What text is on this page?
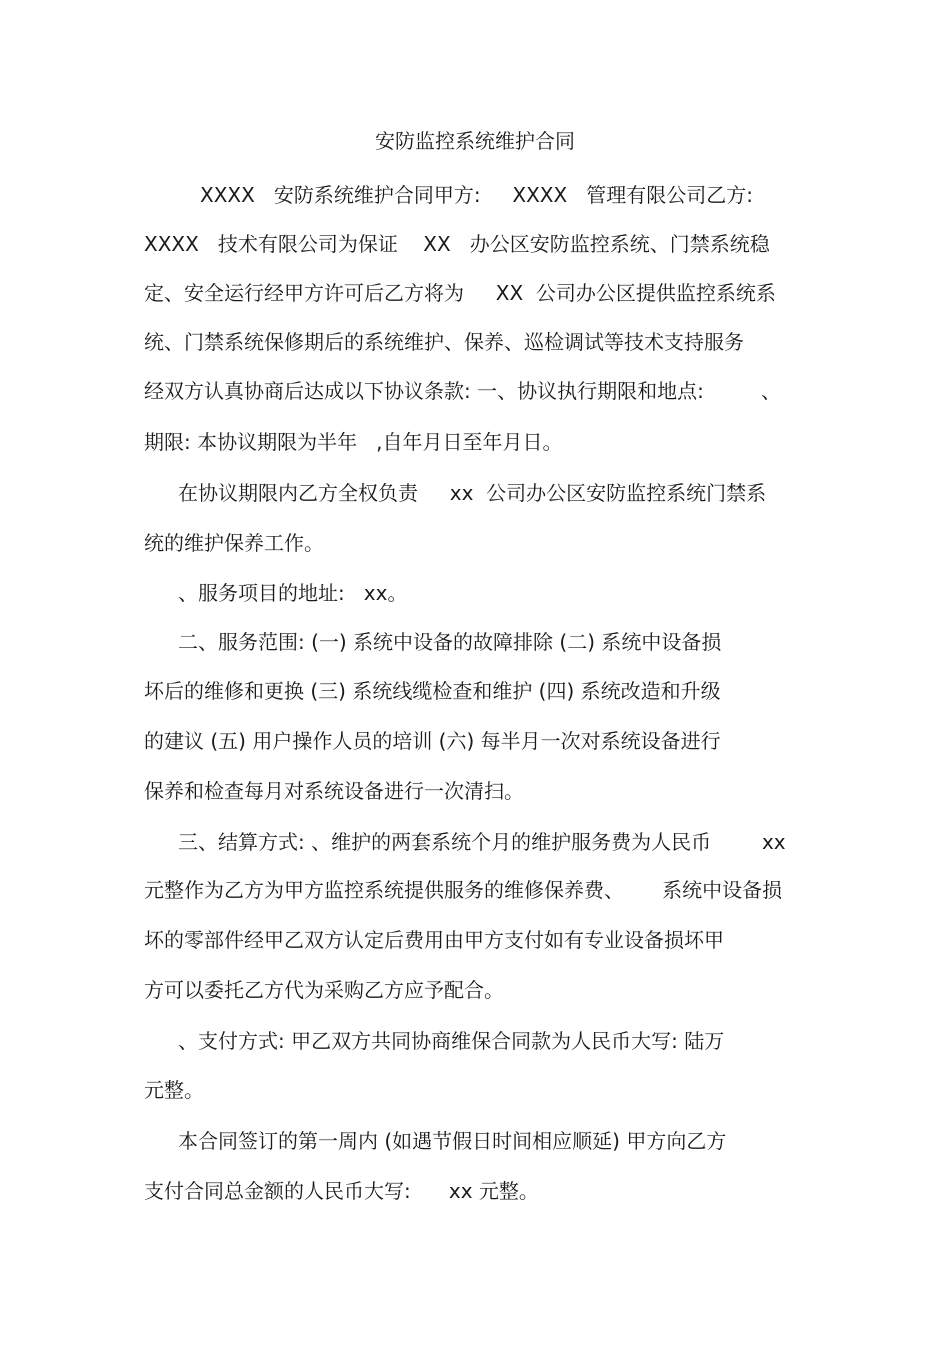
安防监控系统维护合同
XXXX   安防系统维护合同甲方:     XXXX   管理有限公司乙方:
XXXX   技术有限公司为保证    XX   办公区安防监控系统、门禁系统稳
定、安全运行经甲方许可后乙方将为     XX  公司办公区提供监控系统系
统、门禁系统保修期后的系统维护、保养、巡检调试等技术支持服务
经双方认真协商后达成以下协议条款: 一、协议执行期限和地点:         、
期限: 本协议期限为半年   ,自年月日至年月日。
在协议期限内乙方全权负责     xx  公司办公区安防监控系统门禁系
统的维护保养工作。
、服务项目的地址:   xx。
二、服务范围: (一) 系统中设备的故障排除 (二) 系统中设备损
坏后的维修和更换 (三) 系统线缆检查和维护 (四) 系统改造和升级
的建议 (五) 用户操作人员的培训 (六) 每半月一次对系统设备进行
保养和检查每月对系统设备进行一次清扫。
三、结算方式: 、维护的两套系统个月的维护服务费为人民币        xx
元整作为乙方为甲方监控系统提供服务的维修保养费、      系统中设备损
坏的零部件经甲乙双方认定后费用由甲方支付如有专业设备损坏甲
方可以委托乙方代为采购乙方应予配合。
、支付方式: 甲乙双方共同协商维保合同款为人民币大写: 陆万
元整。
本合同签订的第一周内 (如遇节假日时间相应顺延) 甲方向乙方
支付合同总金额的人民币大写:      xx 元整。
